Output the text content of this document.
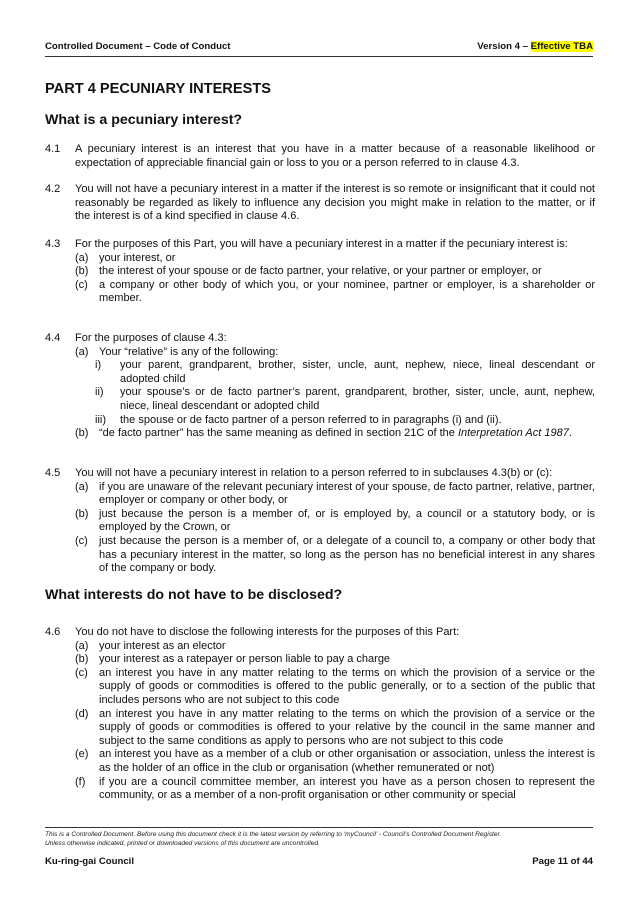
Controlled Document – Code of Conduct	Version 4 – Effective TBA
PART 4 PECUNIARY INTERESTS
What is a pecuniary interest?
4.1	A pecuniary interest is an interest that you have in a matter because of a reasonable likelihood or expectation of appreciable financial gain or loss to you or a person referred to in clause 4.3.

4.2	You will not have a pecuniary interest in a matter if the interest is so remote or insignificant that it could not reasonably be regarded as likely to influence any decision you might make in relation to the matter, or if the interest is of a kind specified in clause 4.6.

4.3	For the purposes of this Part, you will have a pecuniary interest in a matter if the pecuniary interest is:

(a) your interest, or
(b) the interest of your spouse or de facto partner, your relative, or your partner or employer, or
(c) a company or other body of which you, or your nominee, partner or employer, is a shareholder or member.
4.4	For the purposes of clause 4.3:

(a) Your “relative” is any of the following:
i) your parent, grandparent, brother, sister, uncle, aunt, nephew, niece, lineal descendant or adopted child
ii) your spouse’s or de facto partner’s parent, grandparent, brother, sister, uncle, aunt, nephew, niece, lineal descendant or adopted child
iii) the spouse or de facto partner of a person referred to in paragraphs (i) and (ii).
(b) “de facto partner” has the same meaning as defined in section 21C of the Interpretation Act 1987.
4.5	You will not have a pecuniary interest in relation to a person referred to in subclauses 4.3(b) or (c):

(a) if you are unaware of the relevant pecuniary interest of your spouse, de facto partner, relative, partner, employer or company or other body, or
(b) just because the person is a member of, or is employed by, a council or a statutory body, or is employed by the Crown, or
(c) just because the person is a member of, or a delegate of a council to, a company or other body that has a pecuniary interest in the matter, so long as the person has no beneficial interest in any shares of the company or body.
What interests do not have to be disclosed?
4.6	You do not have to disclose the following interests for the purposes of this Part:

(a) your interest as an elector
(b) your interest as a ratepayer or person liable to pay a charge
(c) an interest you have in any matter relating to the terms on which the provision of a service or the supply of goods or commodities is offered to the public generally, or to a section of the public that includes persons who are not subject to this code
(d) an interest you have in any matter relating to the terms on which the provision of a service or the supply of goods or commodities is offered to your relative by the council in the same manner and subject to the same conditions as apply to persons who are not subject to this code
(e) an interest you have as a member of a club or other organisation or association, unless the interest is as the holder of an office in the club or organisation (whether remunerated or not)
(f) if you are a council committee member, an interest you have as a person chosen to represent the community, or as a member of a non-profit organisation or other community or special
This is a Controlled Document. Before using this document check it is the latest version by referring to ‘myCouncil’ - Council’s Controlled Document Register.
Unless otherwise indicated, printed or downloaded versions of this document are uncontrolled.
Ku-ring-gai Council	Page 11 of 44
